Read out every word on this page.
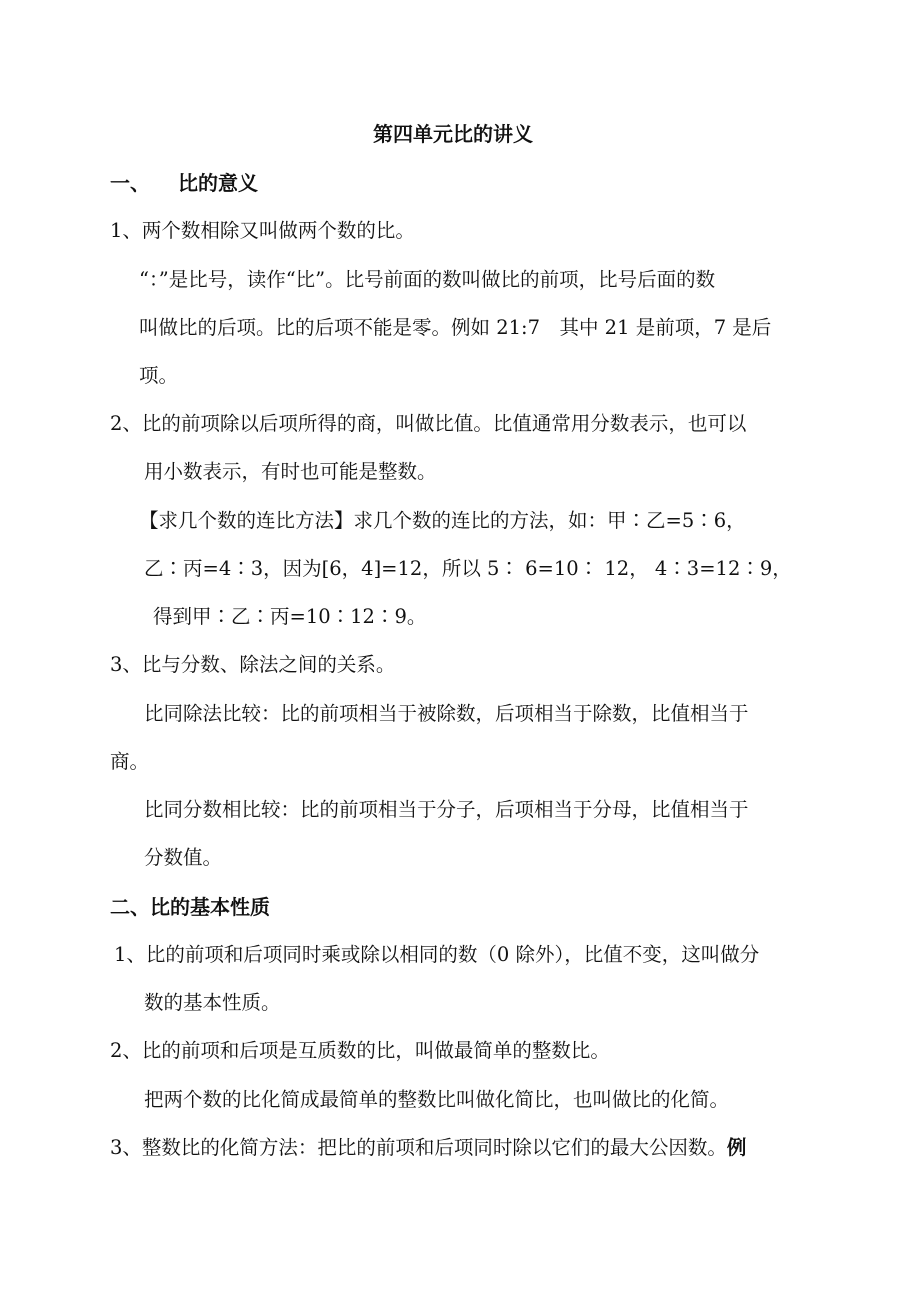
第四单元比的讲义
一、 比的意义
1、两个数相除又叫做两个数的比。
“：”是比号，读作“比”。比号前面的数叫做比的前项，比号后面的数
叫做比的后项。比的后项不能是零。例如 21:7　其中 21 是前项，7 是后
项。
2、比的前项除以后项所得的商，叫做比值。比值通常用分数表示，也可以
用小数表示，有时也可能是整数。
【求几个数的连比方法】求几个数的连比的方法，如：甲∶乙=5∶6，
乙∶丙=4∶3，因为[6，4]=12，所以 5∶ 6=10∶ 12， 4∶3=12∶9，
得到甲∶乙∶丙=10∶12∶9。
3、比与分数、除法之间的关系。
比同除法比较：比的前项相当于被除数，后项相当于除数，比值相当于
商。
比同分数相比较：比的前项相当于分子，后项相当于分母，比值相当于
分数值。
二、比的基本性质
1、比的前项和后项同时乘或除以相同的数（0 除外），比值不变，这叫做分
数的基本性质。
2、比的前项和后项是互质数的比，叫做最简单的整数比。
把两个数的比化简成最简单的整数比叫做化简比，也叫做比的化简。
3、整数比的化简方法：把比的前项和后项同时除以它们的最大公因数。例
